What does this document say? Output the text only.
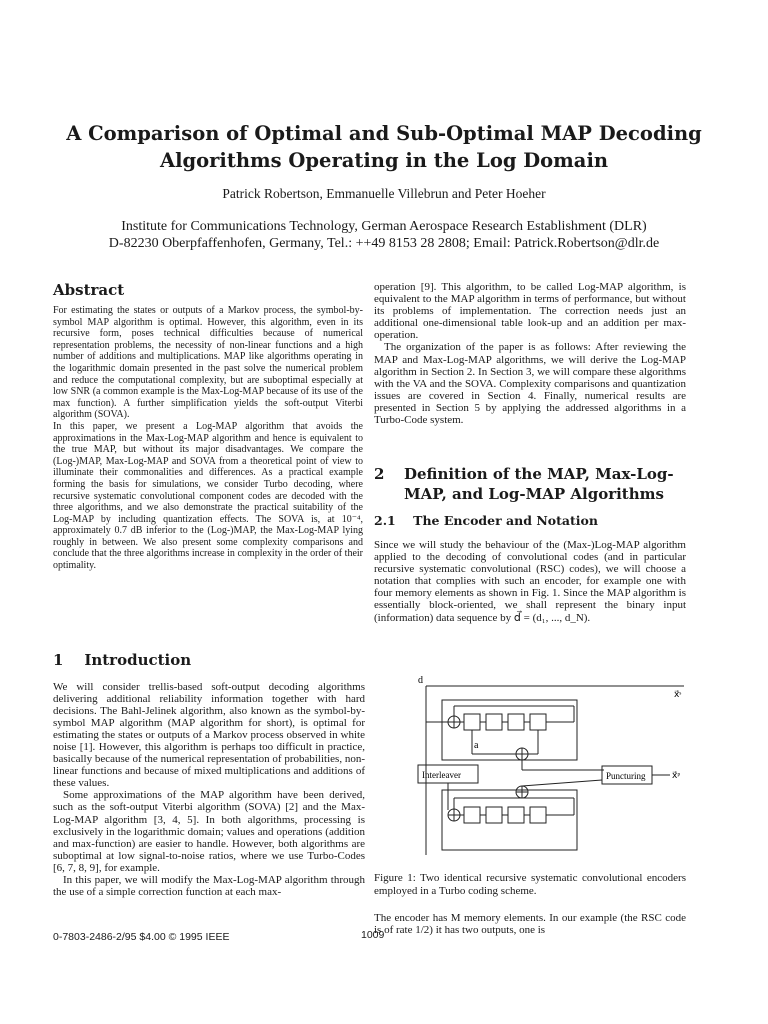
A Comparison of Optimal and Sub-Optimal MAP Decoding
Algorithms Operating in the Log Domain
Patrick Robertson, Emmanuelle Villebrun and Peter Hoeher
Institute for Communications Technology, German Aerospace Research Establishment (DLR)
D-82230 Oberpfaffenhofen, Germany, Tel.: ++49 8153 28 2808; Email: Patrick.Robertson@dlr.de
Abstract

For estimating the states or outputs of a Markov process, the symbol-by-symbol MAP algorithm is optimal. However, this algorithm, even in its recursive form, poses technical difficulties because of numerical representation problems, the necessity of non-linear functions and a high number of additions and multiplications. MAP like algorithms operating in the logarithmic domain presented in the past solve the numerical problem and reduce the computational complexity, but are suboptimal especially at low SNR (a common example is the Max-Log-MAP because of its use of the max function). A further simplification yields the soft-output Viterbi algorithm (SOVA).

In this paper, we present a Log-MAP algorithm that avoids the approximations in the Max-Log-MAP algorithm and hence is equivalent to the true MAP, but without its major disadvantages. We compare the (Log-)MAP, Max-Log-MAP and SOVA from a theoretical point of view to illuminate their commonalities and differences. As a practical example forming the basis for simulations, we consider Turbo decoding, where recursive systematic convolutional component codes are decoded with the three algorithms, and we also demonstrate the practical suitability of the Log-MAP by including quantization effects. The SOVA is, at 10⁻⁴, approximately 0.7 dB inferior to the (Log-)MAP, the Max-Log-MAP lying roughly in between. We also present some complexity comparisons and conclude that the three algorithms increase in complexity in the order of their optimality.

1 Introduction

We will consider trellis-based soft-output decoding algorithms delivering additional reliability information together with hard decisions. The Bahl-Jelinek algorithm, also known as the symbol-by-symbol MAP algorithm (MAP algorithm for short), is optimal for estimating the states or outputs of a Markov process observed in white noise [1]. However, this algorithm is perhaps too difficult in practice, basically because of the numerical representation of probabilities, non-linear functions and because of mixed multiplications and additions of these values.

Some approximations of the MAP algorithm have been derived, such as the soft-output Viterbi algorithm (SOVA) [2] and the Max-Log-MAP algorithm [3, 4, 5]. In both algorithms, processing is exclusively in the logarithmic domain; values and operations (addition and max-function) are easier to handle. However, both algorithms are suboptimal at low signal-to-noise ratios, where we use Turbo-Codes [6, 7, 8, 9], for example.

In this paper, we will modify the Max-Log-MAP algorithm through the use of a simple correction function at each max-

operation [9]. This algorithm, to be called Log-MAP algorithm, is equivalent to the MAP algorithm in terms of performance, but without its problems of implementation. The correction needs just an additional one-dimensional table look-up and an addition per max-operation.

The organization of the paper is as follows: After reviewing the MAP and Max-Log-MAP algorithms, we will derive the Log-MAP algorithm in Section 2. In Section 3, we will compare these algorithms with the VA and the SOVA. Complexity comparisons and quantization issues are covered in Section 4. Finally, numerical results are presented in Section 5 by applying the addressed algorithms in a Turbo-Code system.

2 Definition of the MAP, Max-Log-
MAP, and Log-MAP Algorithms
2.1 The Encoder and Notation
Since we will study the behaviour of the (Max-)Log-MAP algorithm applied to the decoding of convolutional codes (and in particular recursive systematic convolutional (RSC) codes), we will choose a notation that complies with such an encoder, for example one with four memory elements as shown in Fig. 1. Since the MAP algorithm is essentially block-oriented, we shall represent the binary input (information) data sequence by d⃗ = (d₁, ..., d_N).
d
x⃗ˢ
x⃗ᵖ
Interleaver	Puncturing
a
Figure 1: Two identical recursive systematic convolutional encoders employed in a Turbo coding scheme.
The encoder has M memory elements. In our example (the RSC code is of rate 1/2) it has two outputs, one is
0-7803-2486-2/95 $4.00 © 1995 IEEE	1009
